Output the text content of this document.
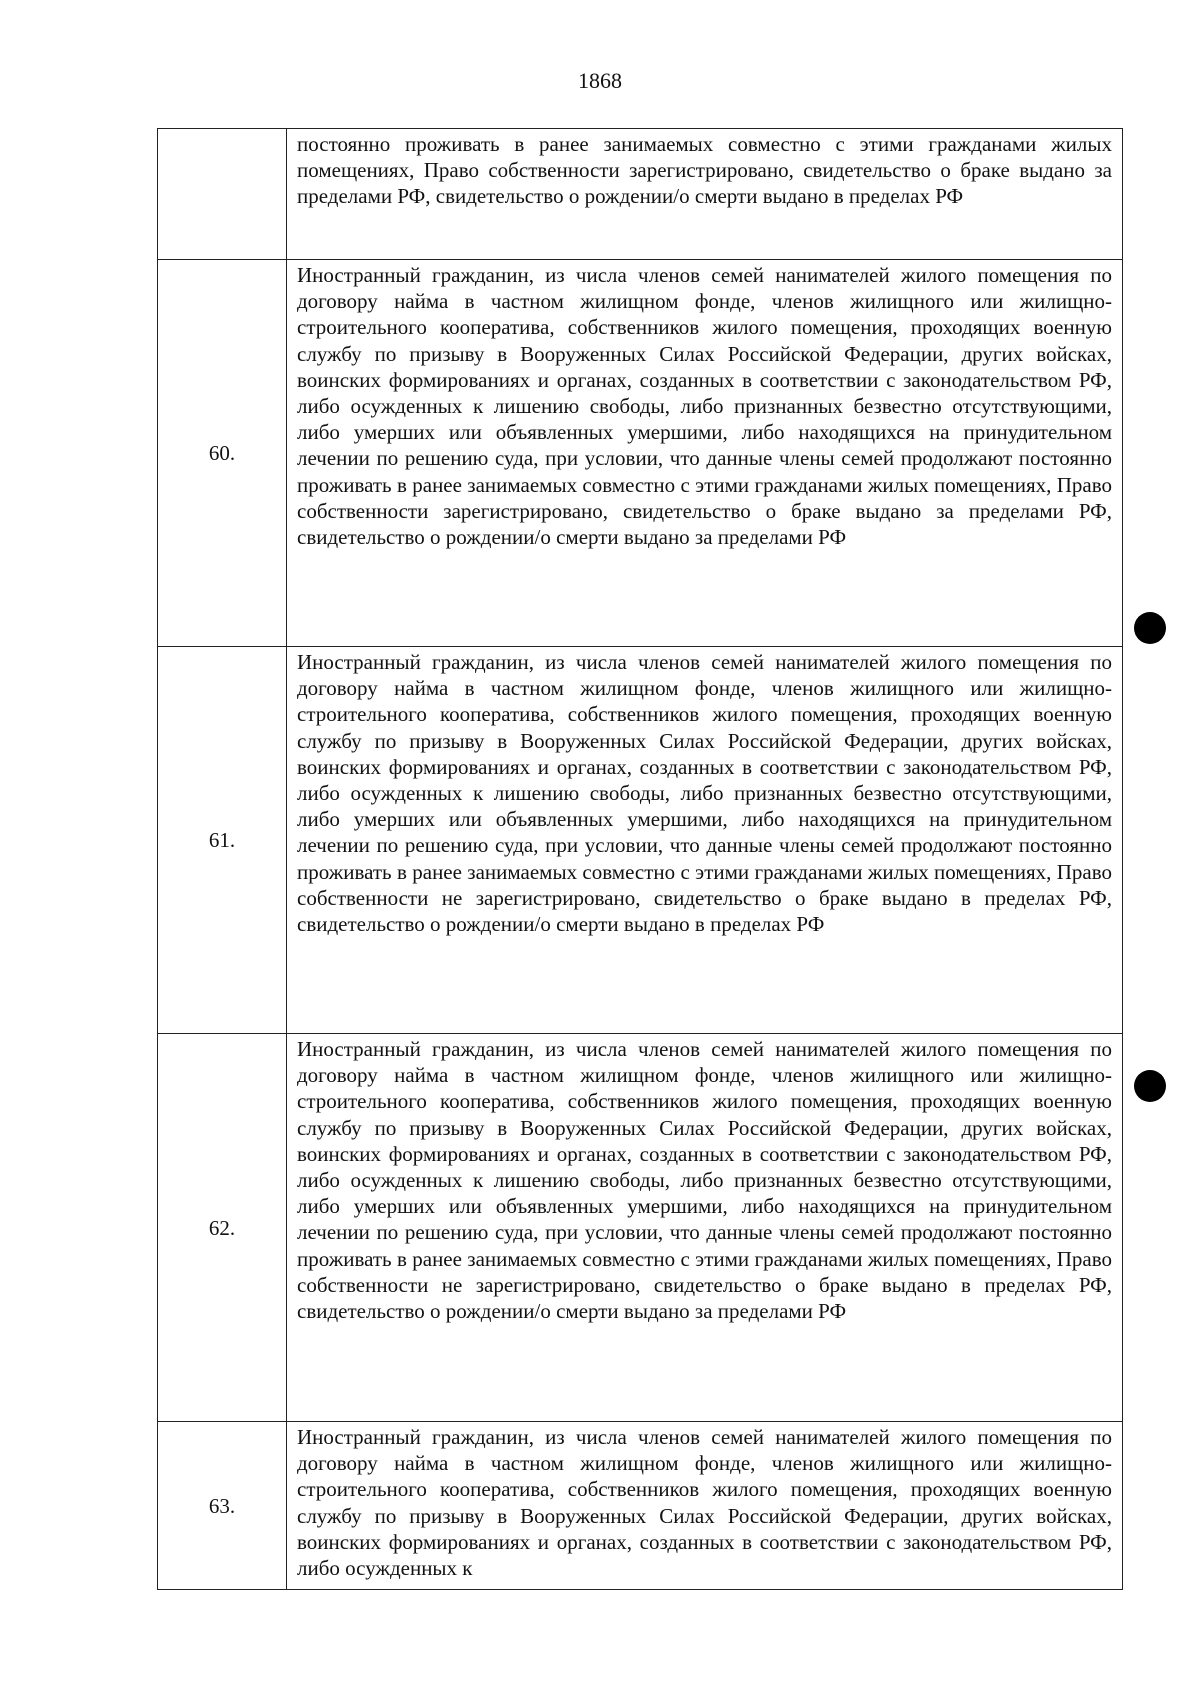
1868
	постоянно проживать в ранее занимаемых совместно с этими гражданами жилых помещениях, Право собственности зарегистрировано, свидетельство о браке выдано за пределами РФ, свидетельство о рождении/о смерти выдано в пределах РФ
60.	Иностранный гражданин, из числа членов семей нанимателей жилого помещения по договору найма в частном жилищном фонде, членов жилищного или жилищно-строительного кооператива, собственников жилого помещения, проходящих военную службу по призыву в Вооруженных Силах Российской Федерации, других войсках, воинских формированиях и органах, созданных в соответствии с законодательством РФ, либо осужденных к лишению свободы, либо признанных безвестно отсутствующими, либо умерших или объявленных умершими, либо находящихся на принудительном лечении по решению суда, при условии, что данные члены семей продолжают постоянно проживать в ранее занимаемых совместно с этими гражданами жилых помещениях, Право собственности зарегистрировано, свидетельство о браке выдано за пределами РФ, свидетельство о рождении/о смерти выдано за пределами РФ
61.	Иностранный гражданин, из числа членов семей нанимателей жилого помещения по договору найма в частном жилищном фонде, членов жилищного или жилищно-строительного кооператива, собственников жилого помещения, проходящих военную службу по призыву в Вооруженных Силах Российской Федерации, других войсках, воинских формированиях и органах, созданных в соответствии с законодательством РФ, либо осужденных к лишению свободы, либо признанных безвестно отсутствующими, либо умерших или объявленных умершими, либо находящихся на принудительном лечении по решению суда, при условии, что данные члены семей продолжают постоянно проживать в ранее занимаемых совместно с этими гражданами жилых помещениях, Право собственности не зарегистрировано, свидетельство о браке выдано в пределах РФ, свидетельство о рождении/о смерти выдано в пределах РФ
62.	Иностранный гражданин, из числа членов семей нанимателей жилого помещения по договору найма в частном жилищном фонде, членов жилищного или жилищно-строительного кооператива, собственников жилого помещения, проходящих военную службу по призыву в Вооруженных Силах Российской Федерации, других войсках, воинских формированиях и органах, созданных в соответствии с законодательством РФ, либо осужденных к лишению свободы, либо признанных безвестно отсутствующими, либо умерших или объявленных умершими, либо находящихся на принудительном лечении по решению суда, при условии, что данные члены семей продолжают постоянно проживать в ранее занимаемых совместно с этими гражданами жилых помещениях, Право собственности не зарегистрировано, свидетельство о браке выдано в пределах РФ, свидетельство о рождении/о смерти выдано за пределами РФ
63.	Иностранный гражданин, из числа членов семей нанимателей жилого помещения по договору найма в частном жилищном фонде, членов жилищного или жилищно-строительного кооператива, собственников жилого помещения, проходящих военную службу по призыву в Вооруженных Силах Российской Федерации, других войсках, воинских формированиях и органах, созданных в соответствии с законодательством РФ, либо осужденных к
